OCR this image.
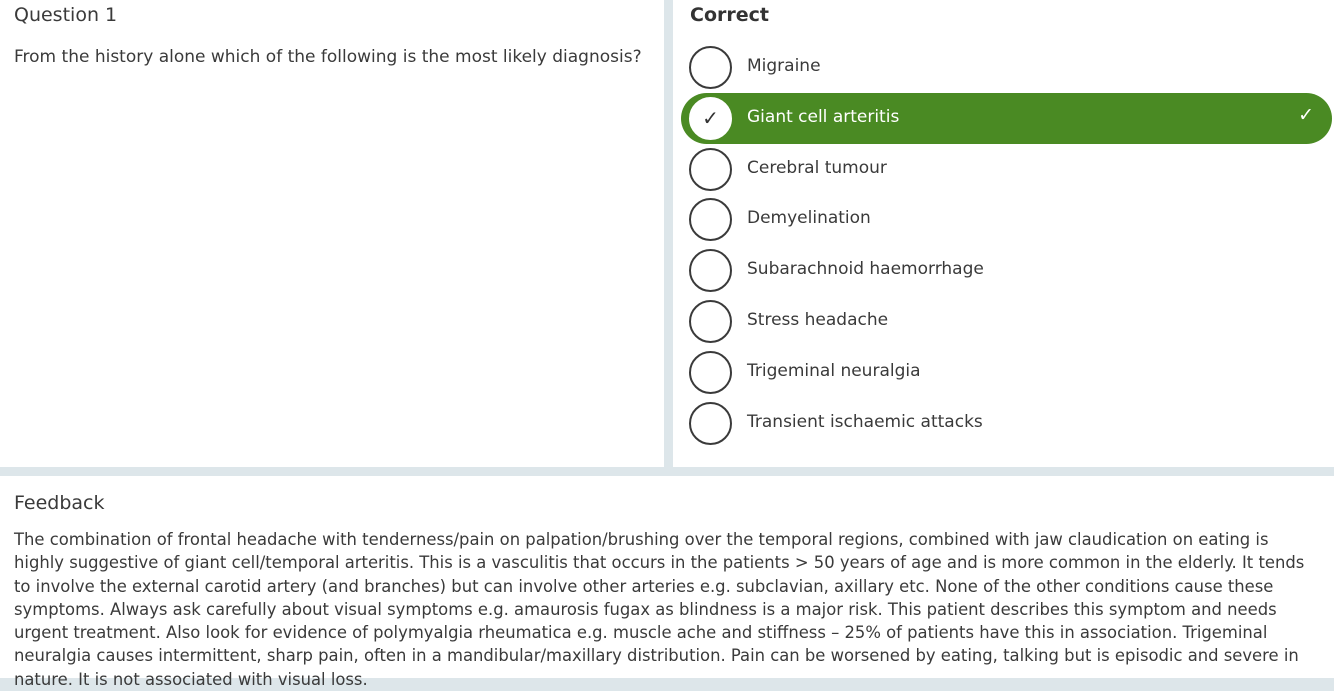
Question 1
From the history alone which of the following is the most likely diagnosis?
Correct
Migraine
✓ Giant cell arteritis	✓
Cerebral tumour
Demyelination
Subarachnoid haemorrhage
Stress headache
Trigeminal neuralgia
Transient ischaemic attacks
Feedback
The combination of frontal headache with tenderness/pain on palpation/brushing over the temporal regions, combined with jaw claudication on eating is highly suggestive of giant cell/temporal arteritis. This is a vasculitis that occurs in the patients > 50 years of age and is more common in the elderly. It tends to involve the external carotid artery (and branches) but can involve other arteries e.g. subclavian, axillary etc. None of the other conditions cause these symptoms. Always ask carefully about visual symptoms e.g. amaurosis fugax as blindness is a major risk. This patient describes this symptom and needs urgent treatment. Also look for evidence of polymyalgia rheumatica e.g. muscle ache and stiffness – 25% of patients have this in association. Trigeminal neuralgia causes intermittent, sharp pain, often in a mandibular/maxillary distribution. Pain can be worsened by eating, talking but is episodic and severe in nature. It is not associated with visual loss.
